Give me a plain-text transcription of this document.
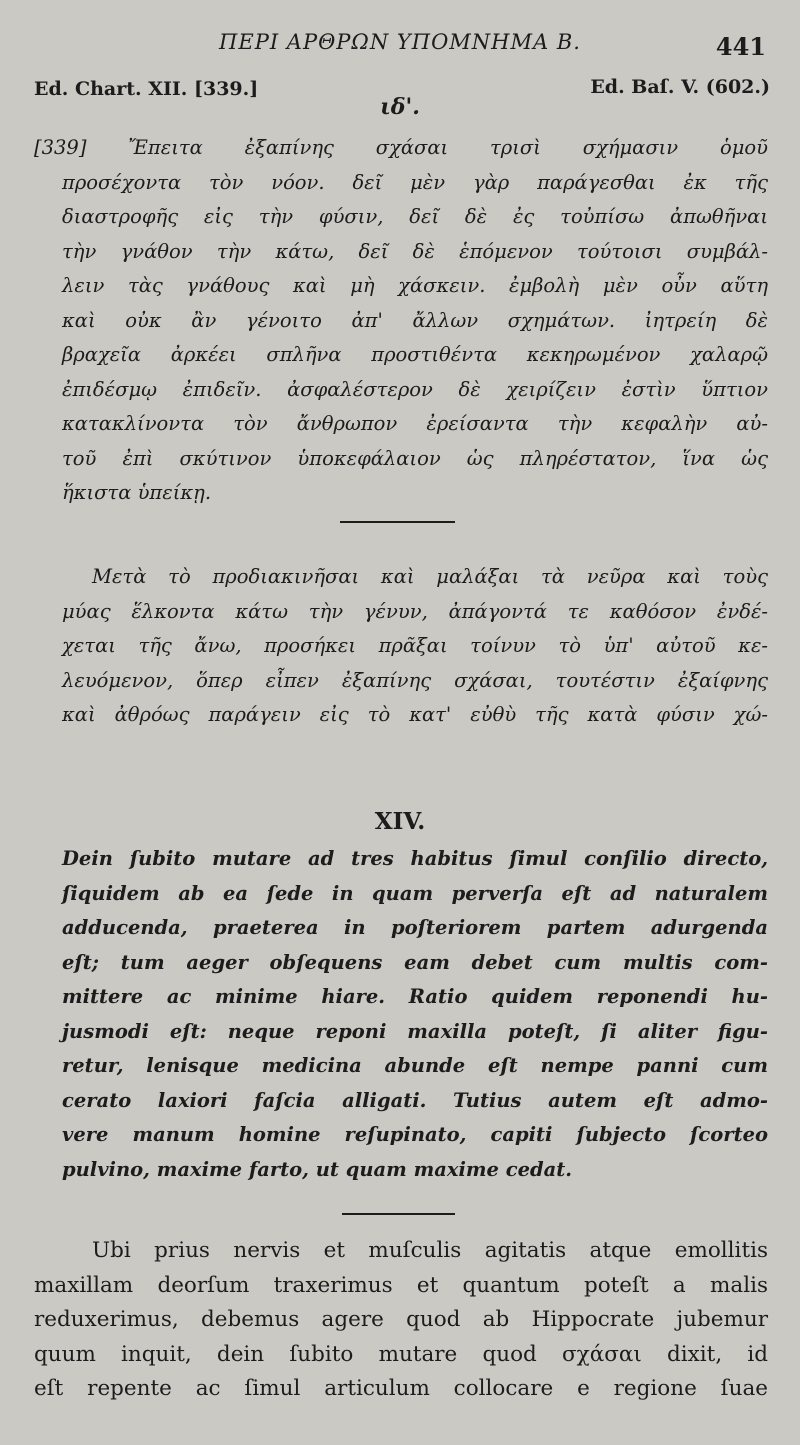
ΠΕΡΙ ΑΡΘΡΩΝ ΥΠΟΜΝΗΜΑ Β.	441
Ed. Chart. XII. [339.]	Ed. Baſ. V. (602.)
ιδ'.
[339] Ἔπειτα ἐξαπίνης σχάσαι τρισὶ σχήμασιν ὁμοῦ
προσέχοντα τὸν νόον. δεῖ μὲν γὰρ παράγεσθαι ἐκ τῆς
διαστροφῆς εἰς τὴν φύσιν, δεῖ δὲ ἐς τοὐπίσω ἀπωθῆναι
τὴν γνάθον τὴν κάτω, δεῖ δὲ ἑπόμενον τούτοισι συμβάλ-
λειν τὰς γνάθους καὶ μὴ χάσκειν. ἐμβολὴ μὲν οὖν αὕτη
καὶ οὐκ ἂν γένοιτο ἀπ' ἄλλων σχημάτων. ἰητρείη δὲ
βραχεῖα ἀρκέει σπλῆνα προστιθέντα κεκηρωμένον χαλαρῷ
ἐπιδέσμῳ ἐπιδεῖν. ἀσφαλέστερον δὲ χειρίζειν ἐστὶν ὕπτιον
κατακλίνοντα τὸν ἄνθρωπον ἐρείσαντα τὴν κεφαλὴν αὐ-
τοῦ ἐπὶ σκύτινον ὑποκεφάλαιον ὡς πληρέστατον, ἵνα ὡς
ἥκιστα ὑπείκῃ.
Μετὰ τὸ προδιακινῆσαι καὶ μαλάξαι τὰ νεῦρα καὶ τοὺς
μύας ἕλκοντα κάτω τὴν γένυν, ἀπάγοντά τε καθόσον ἐνδέ-
χεται τῆς ἄνω, προσήκει πρᾶξαι τοίνυν τὸ ὑπ' αὐτοῦ κε-
λευόμενον, ὅπερ εἶπεν ἐξαπίνης σχάσαι, τουτέστιν ἐξαίφνης
καὶ ἀθρόως παράγειν εἰς τὸ κατ' εὐθὺ τῆς κατὰ φύσιν χώ-
XIV.
Dein ſubito mutare ad tres habitus ſimul conſilio directo,
ſiquidem ab ea ſede in quam perverſa eſt ad naturalem
adducenda, praeterea in poſteriorem partem adurgenda
eſt; tum aeger obſequens eam debet cum multis com-
mittere ac minime hiare. Ratio quidem reponendi hu-
jusmodi eſt: neque reponi maxilla poteſt, ſi aliter figu-
retur, lenisque medicina abunde eſt nempe panni cum
cerato laxiori faſcia alligati. Tutius autem eſt admo-
vere manum homine reſupinato, capiti ſubjecto ſcorteo
pulvino, maxime farto, ut quam maxime cedat.
Ubi prius nervis et muſculis agitatis atque emollitis
maxillam deorſum traxerimus et quantum poteſt a malis
reduxerimus, debemus agere quod ab Hippocrate jubemur
quum inquit, dein ſubito mutare quod σχάσαι dixit, id
eſt repente ac ſimul articulum collocare e regione ſuae
